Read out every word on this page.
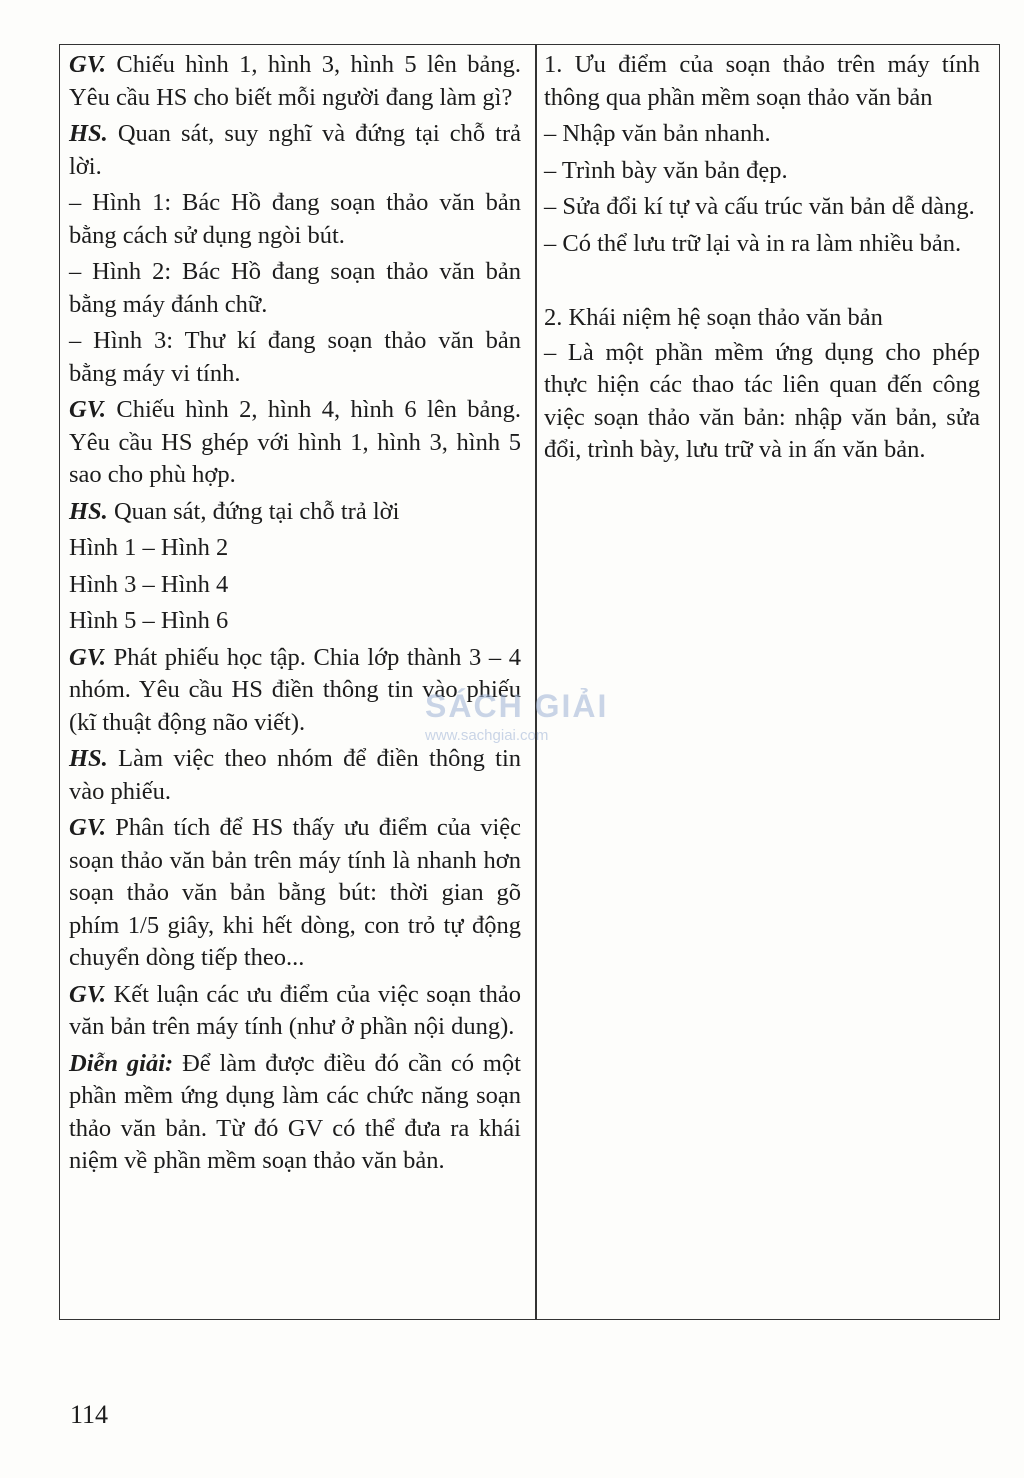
GV. Chiếu hình 1, hình 3, hình 5 lên bảng. Yêu cầu HS cho biết mỗi người đang làm gì?

HS. Quan sát, suy nghĩ và đứng tại chỗ trả lời.

– Hình 1: Bác Hồ đang soạn thảo văn bản bằng cách sử dụng ngòi bút.

– Hình 2: Bác Hồ đang soạn thảo văn bản bằng máy đánh chữ.

– Hình 3: Thư kí đang soạn thảo văn bản bằng máy vi tính.

GV. Chiếu hình 2, hình 4, hình 6 lên bảng. Yêu cầu HS ghép với hình 1, hình 3, hình 5 sao cho phù hợp.

HS. Quan sát, đứng tại chỗ trả lời

Hình 1 – Hình 2

Hình 3 – Hình 4

Hình 5 – Hình 6

GV. Phát phiếu học tập. Chia lớp thành 3 – 4 nhóm. Yêu cầu HS điền thông tin vào phiếu (kĩ thuật động não viết).

HS. Làm việc theo nhóm để điền thông tin vào phiếu.

GV. Phân tích để HS thấy ưu điểm của việc soạn thảo văn bản trên máy tính là nhanh hơn soạn thảo văn bản bằng bút: thời gian gõ phím 1/5 giây, khi hết dòng, con trỏ tự động chuyển dòng tiếp theo...

GV. Kết luận các ưu điểm của việc soạn thảo văn bản trên máy tính (như ở phần nội dung).

Diễn giải: Để làm được điều đó cần có một phần mềm ứng dụng làm các chức năng soạn thảo văn bản. Từ đó GV có thể đưa ra khái niệm về phần mềm soạn thảo văn bản.

1. Ưu điểm của soạn thảo trên máy tính thông qua phần mềm soạn thảo văn bản

– Nhập văn bản nhanh.

– Trình bày văn bản đẹp.

– Sửa đổi kí tự và cấu trúc văn bản dễ dàng.

– Có thể lưu trữ lại và in ra làm nhiều bản.

2. Khái niệm hệ soạn thảo văn bản

– Là một phần mềm ứng dụng cho phép thực hiện các thao tác liên quan đến công việc soạn thảo văn bản: nhập văn bản, sửa đổi, trình bày, lưu trữ và in ấn văn bản.

SÁCH GIẢI
www.sachgiai.com
114
